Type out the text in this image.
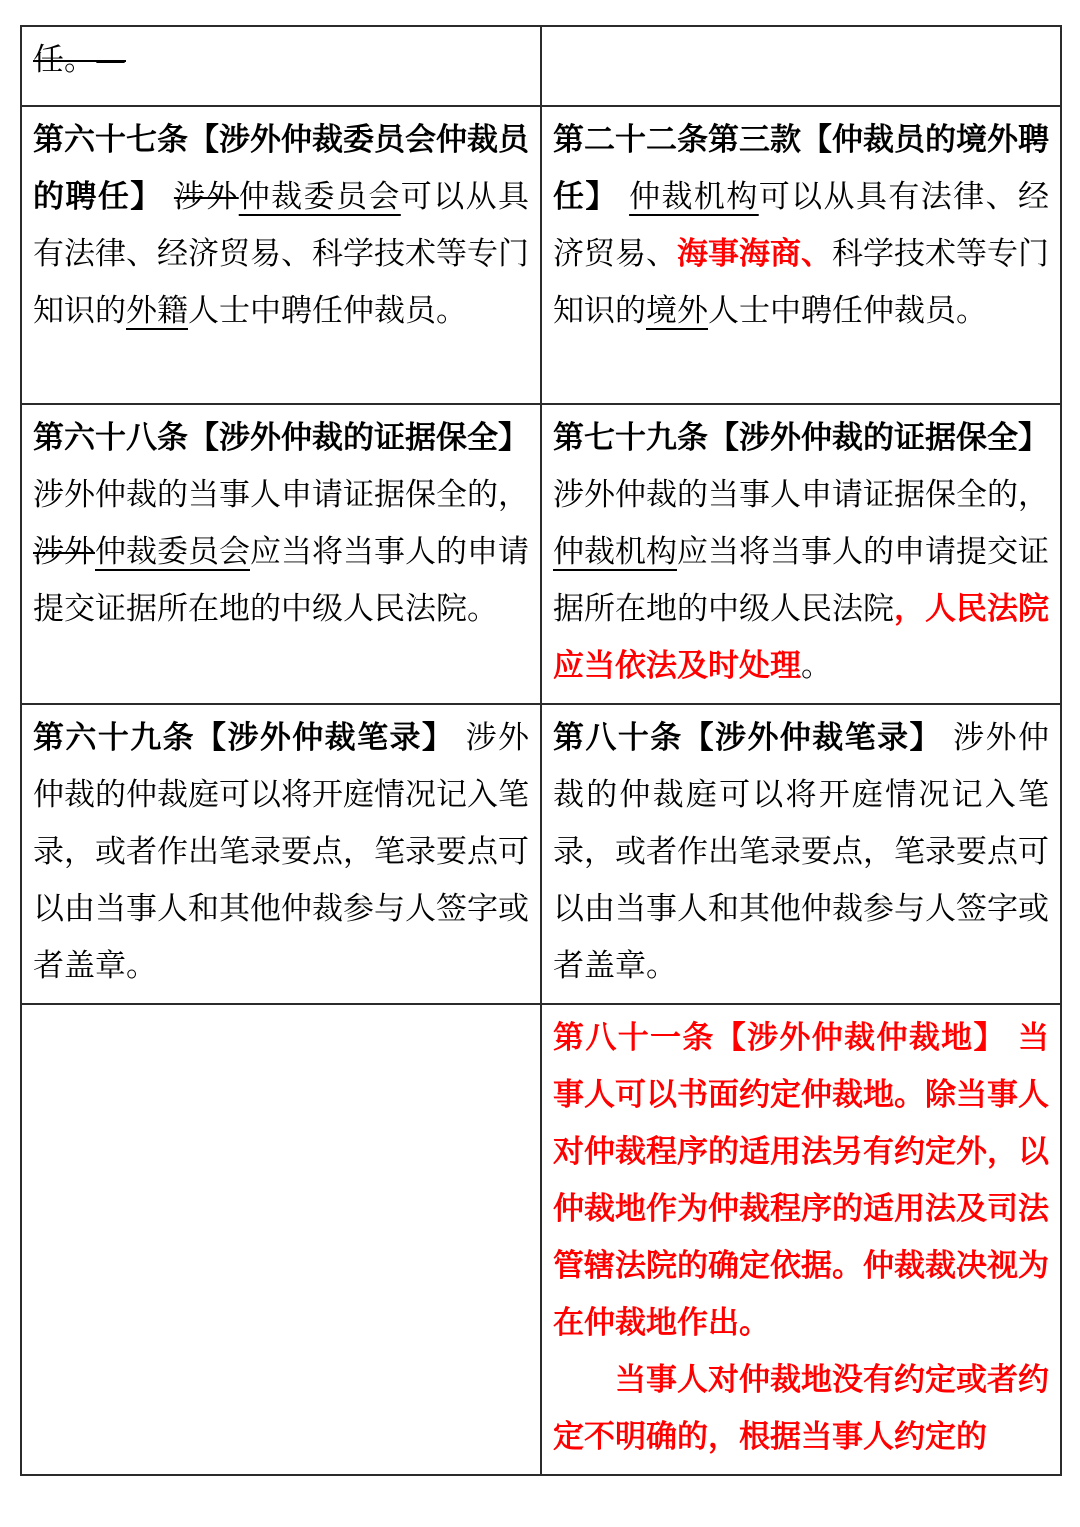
任。—	

第六十七条【涉外仲裁委员会仲裁员的聘任】 涉外仲裁委员会可以从具有法律、经济贸易、科学技术等专门知识的外籍人士中聘任仲裁员。	第二十二条第三款【仲裁员的境外聘任】 仲裁机构可以从具有法律、经济贸易、海事海商、科学技术等专门知识的境外人士中聘任仲裁员。

第六十八条【涉外仲裁的证据保全】涉外仲裁的当事人申请证据保全的，涉外仲裁委员会应当将当事人的申请提交证据所在地的中级人民法院。	第七十九条【涉外仲裁的证据保全】涉外仲裁的当事人申请证据保全的，仲裁机构应当将当事人的申请提交证据所在地的中级人民法院，人民法院应当依法及时处理。

第六十九条【涉外仲裁笔录】 涉外仲裁的仲裁庭可以将开庭情况记入笔录，或者作出笔录要点，笔录要点可以由当事人和其他仲裁参与人签字或者盖章。	第八十条【涉外仲裁笔录】 涉外仲裁的仲裁庭可以将开庭情况记入笔录，或者作出笔录要点，笔录要点可以由当事人和其他仲裁参与人签字或者盖章。

	第八十一条【涉外仲裁仲裁地】 当事人可以书面约定仲裁地。除当事人对仲裁程序的适用法另有约定外，以仲裁地作为仲裁程序的适用法及司法管辖法院的确定依据。仲裁裁决视为在仲裁地作出。
当事人对仲裁地没有约定或者约定不明确的，根据当事人约定的
